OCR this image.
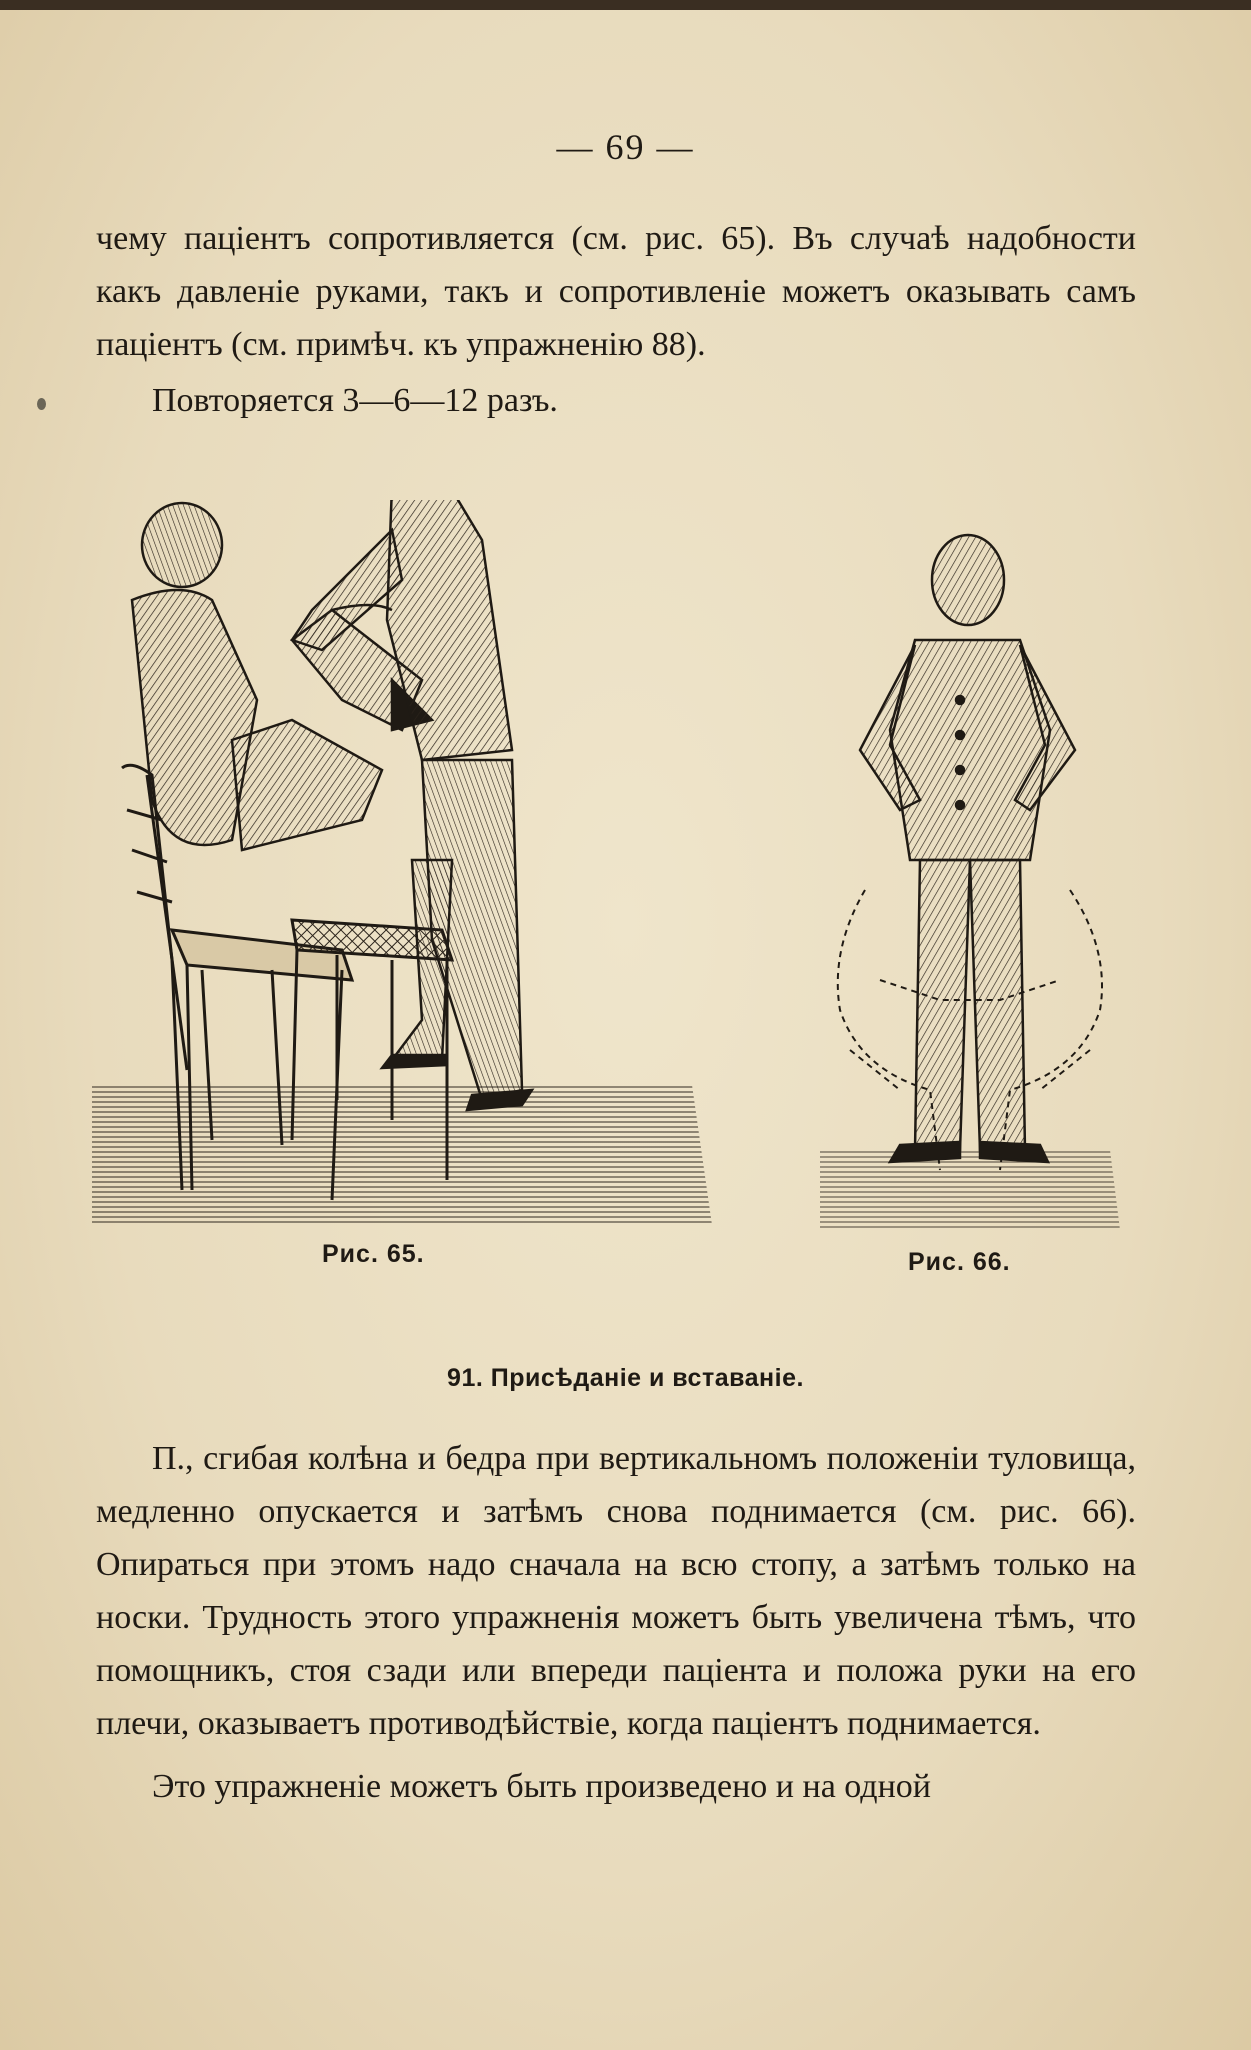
— 69 —

чему паціентъ сопротивляется (см. рис. 65). Въ случаѣ надобности какъ давленіе руками, такъ и сопротивленіе можетъ оказывать самъ паціентъ (см. примѣч. къ упражненію 88).

Повторяется 3—6—12 разъ.

Рис. 65.	Рис. 66.
91. Присѣданіе и вставаніе.

П., сгибая колѣна и бедра при вертикальномъ положеніи туловища, медленно опускается и затѣмъ снова поднимается (см. рис. 66). Опираться при этомъ надо сначала на всю стопу, а затѣмъ только на носки. Трудность этого упражненія можетъ быть увеличена тѣмъ, что помощникъ, стоя сзади или впереди паціента и положа руки на его плечи, оказываетъ противодѣйствіе, когда паціентъ поднимается.

Это упражненіе можетъ быть произведено и на одной
